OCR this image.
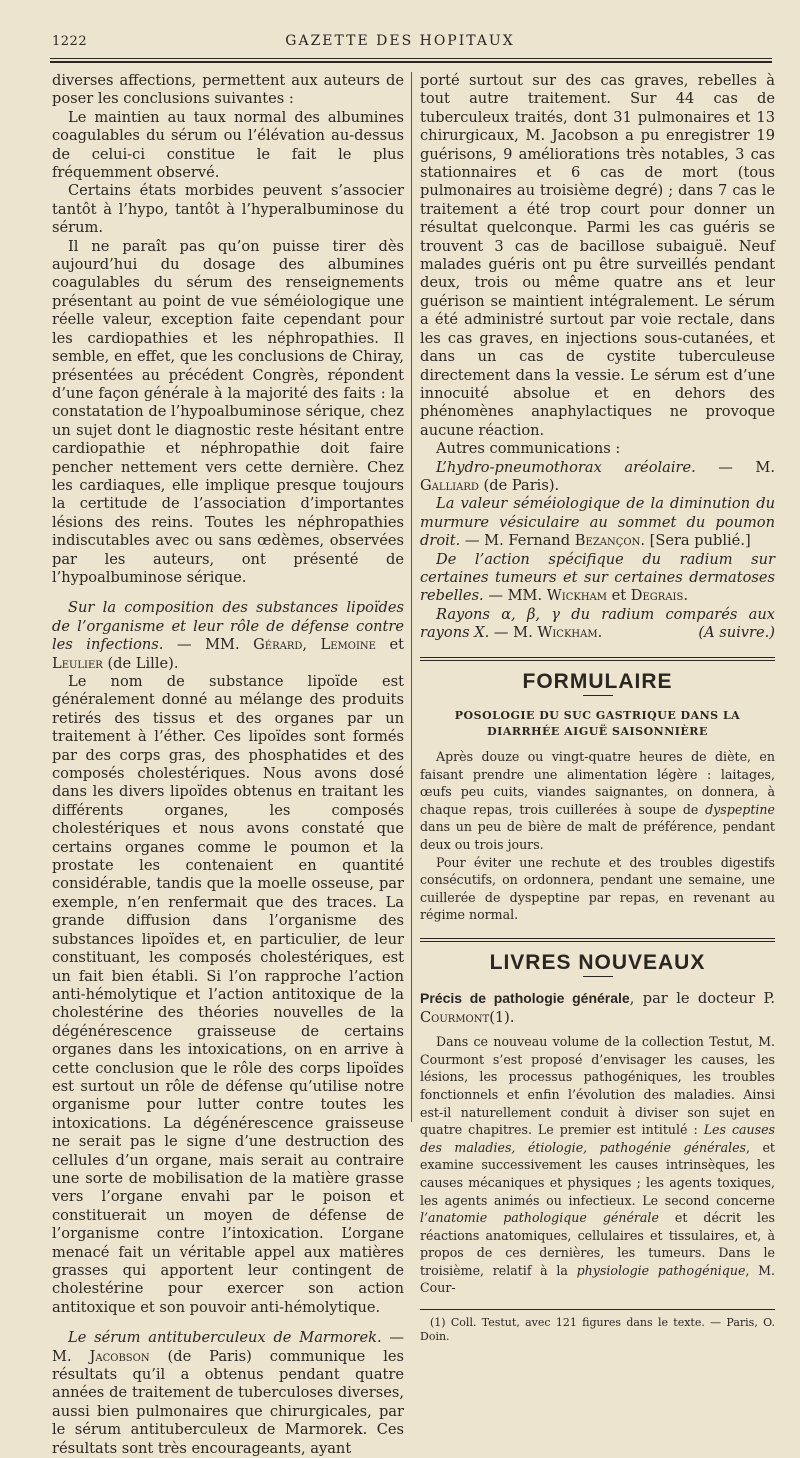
1222	GAZETTE DES HOPITAUX

diverses affections, permettent aux auteurs de poser les conclusions suivantes :

Le maintien au taux normal des albumines coagulables du sérum ou l’élévation au-dessus de celui-ci constitue le fait le plus fréquemment observé.

Certains états morbides peuvent s’associer tantôt à l’hypo, tantôt à l’hyperalbuminose du sérum.

Il ne paraît pas qu’on puisse tirer dès aujourd’hui du dosage des albumines coagulables du sérum des renseignements présentant au point de vue séméiologique une réelle valeur, exception faite cependant pour les cardiopathies et les néphropathies. Il semble, en effet, que les conclusions de Chiray, présentées au précédent Congrès, répondent d’une façon générale à la majorité des faits : la constatation de l’hypoalbuminose sérique, chez un sujet dont le diagnostic reste hésitant entre cardiopathie et néphropathie doit faire pencher nettement vers cette dernière. Chez les cardiaques, elle implique presque toujours la certitude de l’association d’importantes lésions des reins. Toutes les néphropathies indiscutables avec ou sans œdèmes, observées par les auteurs, ont présenté de l’hypoalbuminose sérique.

Sur la composition des substances lipoïdes de l’organisme et leur rôle de défense contre les infections. — MM. Gérard, Lemoine et Leulier (de Lille).

Le nom de substance lipoïde est généralement donné au mélange des produits retirés des tissus et des organes par un traitement à l’éther. Ces lipoïdes sont formés par des corps gras, des phosphatides et des composés cholestériques. Nous avons dosé dans les divers lipoïdes obtenus en traitant les différents organes, les composés cholestériques et nous avons constaté que certains organes comme le poumon et la prostate les contenaient en quantité considérable, tandis que la moelle osseuse, par exemple, n’en renfermait que des traces. La grande diffusion dans l’organisme des substances lipoïdes et, en particulier, de leur constituant, les composés cholestériques, est un fait bien établi. Si l’on rapproche l’action anti-hémolytique et l’action antitoxique de la cholestérine des théories nouvelles de la dégénérescence graisseuse de certains organes dans les intoxications, on en arrive à cette conclusion que le rôle des corps lipoïdes est surtout un rôle de défense qu’utilise notre organisme pour lutter contre toutes les intoxications. La dégénérescence graisseuse ne serait pas le signe d’une destruction des cellules d’un organe, mais serait au contraire une sorte de mobilisation de la matière grasse vers l’organe envahi par le poison et constituerait un moyen de défense de l’organisme contre l’intoxication. L’organe menacé fait un véritable appel aux matières grasses qui apportent leur contingent de cholestérine pour exercer son action antitoxique et son pouvoir anti-hémolytique.

Le sérum antituberculeux de Marmorek. — M. Jacobson (de Paris) communique les résultats qu’il a obtenus pendant quatre années de traitement de tuberculoses diverses, aussi bien pulmonaires que chirurgicales, par le sérum antituberculeux de Marmorek. Ces résultats sont très encourageants, ayant

porté surtout sur des cas graves, rebelles à tout autre traitement. Sur 44 cas de tuberculeux traités, dont 31 pulmonaires et 13 chirurgicaux, M. Jacobson a pu enregistrer 19 guérisons, 9 améliorations très notables, 3 cas stationnaires et 6 cas de mort (tous pulmonaires au troisième degré) ; dans 7 cas le traitement a été trop court pour donner un résultat quelconque. Parmi les cas guéris se trouvent 3 cas de bacillose subaiguë. Neuf malades guéris ont pu être surveillés pendant deux, trois ou même quatre ans et leur guérison se maintient intégralement. Le sérum a été administré surtout par voie rectale, dans les cas graves, en injections sous-cutanées, et dans un cas de cystite tuberculeuse directement dans la vessie. Le sérum est d’une innocuité absolue et en dehors des phénomènes anaphylactiques ne provoque aucune réaction.

Autres communications :

L’hydro-pneumothorax aréolaire. — M. Galliard (de Paris).

La valeur séméiologique de la diminution du murmure vésiculaire au sommet du poumon droit. — M. Fernand Bezançon. [Sera publié.]

De l’action spécifique du radium sur certaines tumeurs et sur certaines dermatoses rebelles. — MM. Wickham et Degrais.

Rayons α, β, γ du radium comparés aux rayons X. — M. Wickham.	(A suivre.)

FORMULAIRE
POSOLOGIE DU SUC GASTRIQUE DANS LA DIARRHÉE AIGUË SAISONNIÈRE

Après douze ou vingt-quatre heures de diète, en faisant prendre une alimentation légère : laitages, œufs peu cuits, viandes saignantes, on donnera, à chaque repas, trois cuillerées à soupe de dyspeptine dans un peu de bière de malt de préférence, pendant deux ou trois jours.

Pour éviter une rechute et des troubles digestifs consécutifs, on ordonnera, pendant une semaine, une cuillerée de dyspeptine par repas, en revenant au régime normal.

LIVRES NOUVEAUX

Précis de pathologie générale, par le docteur P. Courmont(1).

Dans ce nouveau volume de la collection Testut, M. Courmont s’est proposé d’envisager les causes, les lésions, les processus pathogéniques, les troubles fonctionnels et enfin l’évolution des maladies. Ainsi est-il naturellement conduit à diviser son sujet en quatre chapitres. Le premier est intitulé : Les causes des maladies, étiologie, pathogénie générales, et examine successivement les causes intrinsèques, les causes mécaniques et physiques ; les agents toxiques, les agents animés ou infectieux. Le second concerne l’anatomie pathologique générale et décrit les réactions anatomiques, cellulaires et tissulaires, et, à propos de ces dernières, les tumeurs. Dans le troisième, relatif à la physiologie pathogénique, M. Cour-

(1) Coll. Testut, avec 121 figures dans le texte. — Paris, O. Doin.
